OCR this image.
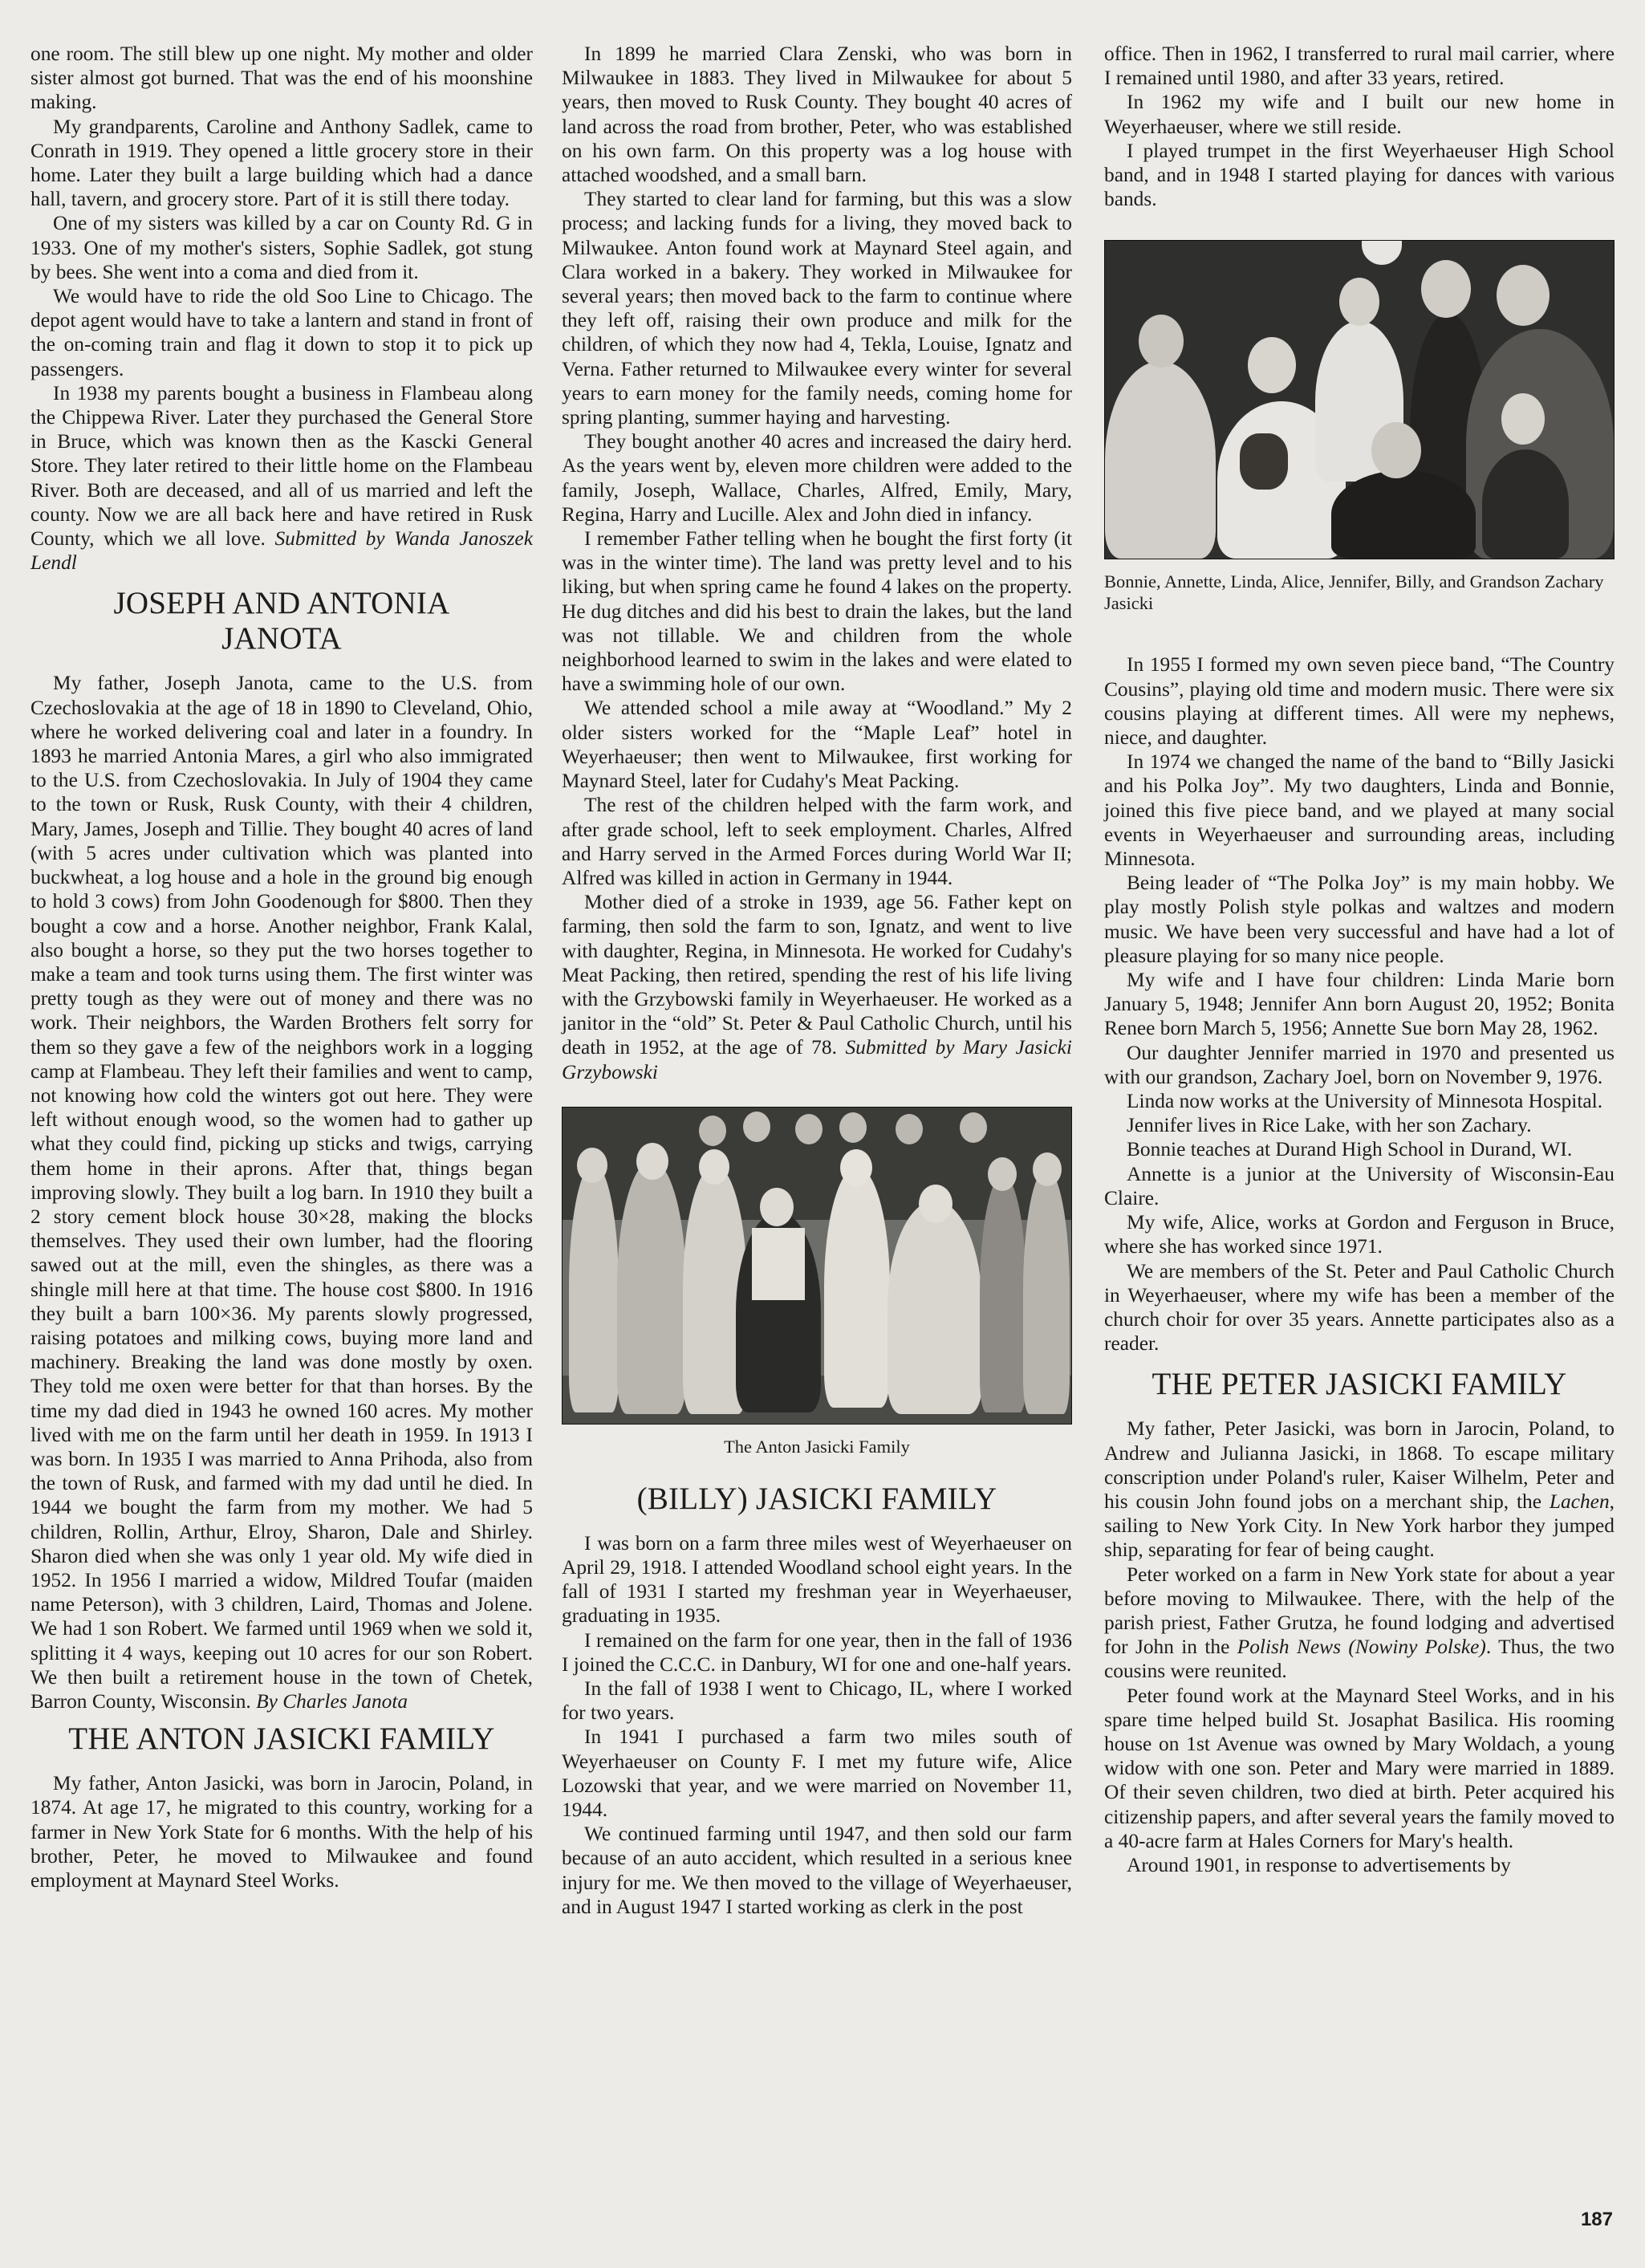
one room. The still blew up one night. My mother and older sister almost got burned. That was the end of his moonshine making.

My grandparents, Caroline and Anthony Sadlek, came to Conrath in 1919. They opened a little grocery store in their home. Later they built a large building which had a dance hall, tavern, and grocery store. Part of it is still there today.

One of my sisters was killed by a car on County Rd. G in 1933. One of my mother's sisters, Sophie Sadlek, got stung by bees. She went into a coma and died from it.

We would have to ride the old Soo Line to Chicago. The depot agent would have to take a lantern and stand in front of the on-coming train and flag it down to stop it to pick up passengers.

In 1938 my parents bought a business in Flambeau along the Chippewa River. Later they purchased the General Store in Bruce, which was known then as the Kascki General Store. They later retired to their little home on the Flambeau River. Both are deceased, and all of us married and left the county. Now we are all back here and have retired in Rusk County, which we all love. Submitted by Wanda Janoszek Lendl

JOSEPH AND ANTONIA JANOTA

My father, Joseph Janota, came to the U.S. from Czechoslovakia at the age of 18 in 1890 to Cleveland, Ohio, where he worked delivering coal and later in a foundry. In 1893 he married Antonia Mares, a girl who also immigrated to the U.S. from Czechoslovakia. In July of 1904 they came to the town or Rusk, Rusk County, with their 4 children, Mary, James, Joseph and Tillie. They bought 40 acres of land (with 5 acres under cultivation which was planted into buckwheat, a log house and a hole in the ground big enough to hold 3 cows) from John Goodenough for $800. Then they bought a cow and a horse. Another neighbor, Frank Kalal, also bought a horse, so they put the two horses together to make a team and took turns using them. The first winter was pretty tough as they were out of money and there was no work. Their neighbors, the Warden Brothers felt sorry for them so they gave a few of the neighbors work in a logging camp at Flambeau. They left their families and went to camp, not knowing how cold the winters got out here. They were left without enough wood, so the women had to gather up what they could find, picking up sticks and twigs, carrying them home in their aprons. After that, things began improving slowly. They built a log barn. In 1910 they built a 2 story cement block house 30×28, making the blocks themselves. They used their own lumber, had the flooring sawed out at the mill, even the shingles, as there was a shingle mill here at that time. The house cost $800. In 1916 they built a barn 100×36. My parents slowly progressed, raising potatoes and milking cows, buying more land and machinery. Breaking the land was done mostly by oxen. They told me oxen were better for that than horses. By the time my dad died in 1943 he owned 160 acres. My mother lived with me on the farm until her death in 1959. In 1913 I was born. In 1935 I was married to Anna Prihoda, also from the town of Rusk, and farmed with my dad until he died. In 1944 we bought the farm from my mother. We had 5 children, Rollin, Arthur, Elroy, Sharon, Dale and Shirley. Sharon died when she was only 1 year old. My wife died in 1952. In 1956 I married a widow, Mildred Toufar (maiden name Peterson), with 3 children, Laird, Thomas and Jolene. We had 1 son Robert. We farmed until 1969 when we sold it, splitting it 4 ways, keeping out 10 acres for our son Robert. We then built a retirement house in the town of Chetek, Barron County, Wisconsin. By Charles Janota

THE ANTON JASICKI FAMILY

My father, Anton Jasicki, was born in Jarocin, Poland, in 1874. At age 17, he migrated to this country, working for a farmer in New York State for 6 months. With the help of his brother, Peter, he moved to Milwaukee and found employment at Maynard Steel Works.

In 1899 he married Clara Zenski, who was born in Milwaukee in 1883. They lived in Milwaukee for about 5 years, then moved to Rusk County. They bought 40 acres of land across the road from brother, Peter, who was established on his own farm. On this property was a log house with attached woodshed, and a small barn.

They started to clear land for farming, but this was a slow process; and lacking funds for a living, they moved back to Milwaukee. Anton found work at Maynard Steel again, and Clara worked in a bakery. They worked in Milwaukee for several years; then moved back to the farm to continue where they left off, raising their own produce and milk for the children, of which they now had 4, Tekla, Louise, Ignatz and Verna. Father returned to Milwaukee every winter for several years to earn money for the family needs, coming home for spring planting, summer haying and harvesting.

They bought another 40 acres and increased the dairy herd. As the years went by, eleven more children were added to the family, Joseph, Wallace, Charles, Alfred, Emily, Mary, Regina, Harry and Lucille. Alex and John died in infancy.

I remember Father telling when he bought the first forty (it was in the winter time). The land was pretty level and to his liking, but when spring came he found 4 lakes on the property. He dug ditches and did his best to drain the lakes, but the land was not tillable. We and children from the whole neighborhood learned to swim in the lakes and were elated to have a swimming hole of our own.

We attended school a mile away at “Woodland.” My 2 older sisters worked for the “Maple Leaf” hotel in Weyerhaeuser; then went to Milwaukee, first working for Maynard Steel, later for Cudahy's Meat Packing.

The rest of the children helped with the farm work, and after grade school, left to seek employment. Charles, Alfred and Harry served in the Armed Forces during World War II; Alfred was killed in action in Germany in 1944.

Mother died of a stroke in 1939, age 56. Father kept on farming, then sold the farm to son, Ignatz, and went to live with daughter, Regina, in Minnesota. He worked for Cudahy's Meat Packing, then retired, spending the rest of his life living with the Grzybowski family in Weyerhaeuser. He worked as a janitor in the “old” St. Peter & Paul Catholic Church, until his death in 1952, at the age of 78. Submitted by Mary Jasicki Grzybowski

The Anton Jasicki Family

(BILLY) JASICKI FAMILY

I was born on a farm three miles west of Weyerhaeuser on April 29, 1918. I attended Woodland school eight years. In the fall of 1931 I started my freshman year in Weyerhaeuser, graduating in 1935.

I remained on the farm for one year, then in the fall of 1936 I joined the C.C.C. in Danbury, WI for one and one-half years.

In the fall of 1938 I went to Chicago, IL, where I worked for two years.

In 1941 I purchased a farm two miles south of Weyerhaeuser on County F. I met my future wife, Alice Lozowski that year, and we were married on November 11, 1944.

We continued farming until 1947, and then sold our farm because of an auto accident, which resulted in a serious knee injury for me. We then moved to the village of Weyerhaeuser, and in August 1947 I started working as clerk in the post

office. Then in 1962, I transferred to rural mail carrier, where I remained until 1980, and after 33 years, retired.

In 1962 my wife and I built our new home in Weyerhaeuser, where we still reside.

I played trumpet in the first Weyerhaeuser High School band, and in 1948 I started playing for dances with various bands.

Bonnie, Annette, Linda, Alice, Jennifer, Billy, and Grandson Zachary Jasicki

In 1955 I formed my own seven piece band, “The Country Cousins”, playing old time and modern music. There were six cousins playing at different times. All were my nephews, niece, and daughter.

In 1974 we changed the name of the band to “Billy Jasicki and his Polka Joy”. My two daughters, Linda and Bonnie, joined this five piece band, and we played at many social events in Weyerhaeuser and surrounding areas, including Minnesota.

Being leader of “The Polka Joy” is my main hobby. We play mostly Polish style polkas and waltzes and modern music. We have been very successful and have had a lot of pleasure playing for so many nice people.

My wife and I have four children: Linda Marie born January 5, 1948; Jennifer Ann born August 20, 1952; Bonita Renee born March 5, 1956; Annette Sue born May 28, 1962.

Our daughter Jennifer married in 1970 and presented us with our grandson, Zachary Joel, born on November 9, 1976.

Linda now works at the University of Minnesota Hospital.

Jennifer lives in Rice Lake, with her son Zachary.

Bonnie teaches at Durand High School in Durand, WI.

Annette is a junior at the University of Wisconsin-Eau Claire.

My wife, Alice, works at Gordon and Ferguson in Bruce, where she has worked since 1971.

We are members of the St. Peter and Paul Catholic Church in Weyerhaeuser, where my wife has been a member of the church choir for over 35 years. Annette participates also as a reader.

THE PETER JASICKI FAMILY

My father, Peter Jasicki, was born in Jarocin, Poland, to Andrew and Julianna Jasicki, in 1868. To escape military conscription under Poland's ruler, Kaiser Wilhelm, Peter and his cousin John found jobs on a merchant ship, the Lachen, sailing to New York City. In New York harbor they jumped ship, separating for fear of being caught.

Peter worked on a farm in New York state for about a year before moving to Milwaukee. There, with the help of the parish priest, Father Grutza, he found lodging and advertised for John in the Polish News (Nowiny Polske). Thus, the two cousins were reunited.

Peter found work at the Maynard Steel Works, and in his spare time helped build St. Josaphat Basilica. His rooming house on 1st Avenue was owned by Mary Woldach, a young widow with one son. Peter and Mary were married in 1889. Of their seven children, two died at birth. Peter acquired his citizenship papers, and after several years the family moved to a 40-acre farm at Hales Corners for Mary's health.

Around 1901, in response to advertisements by

187
